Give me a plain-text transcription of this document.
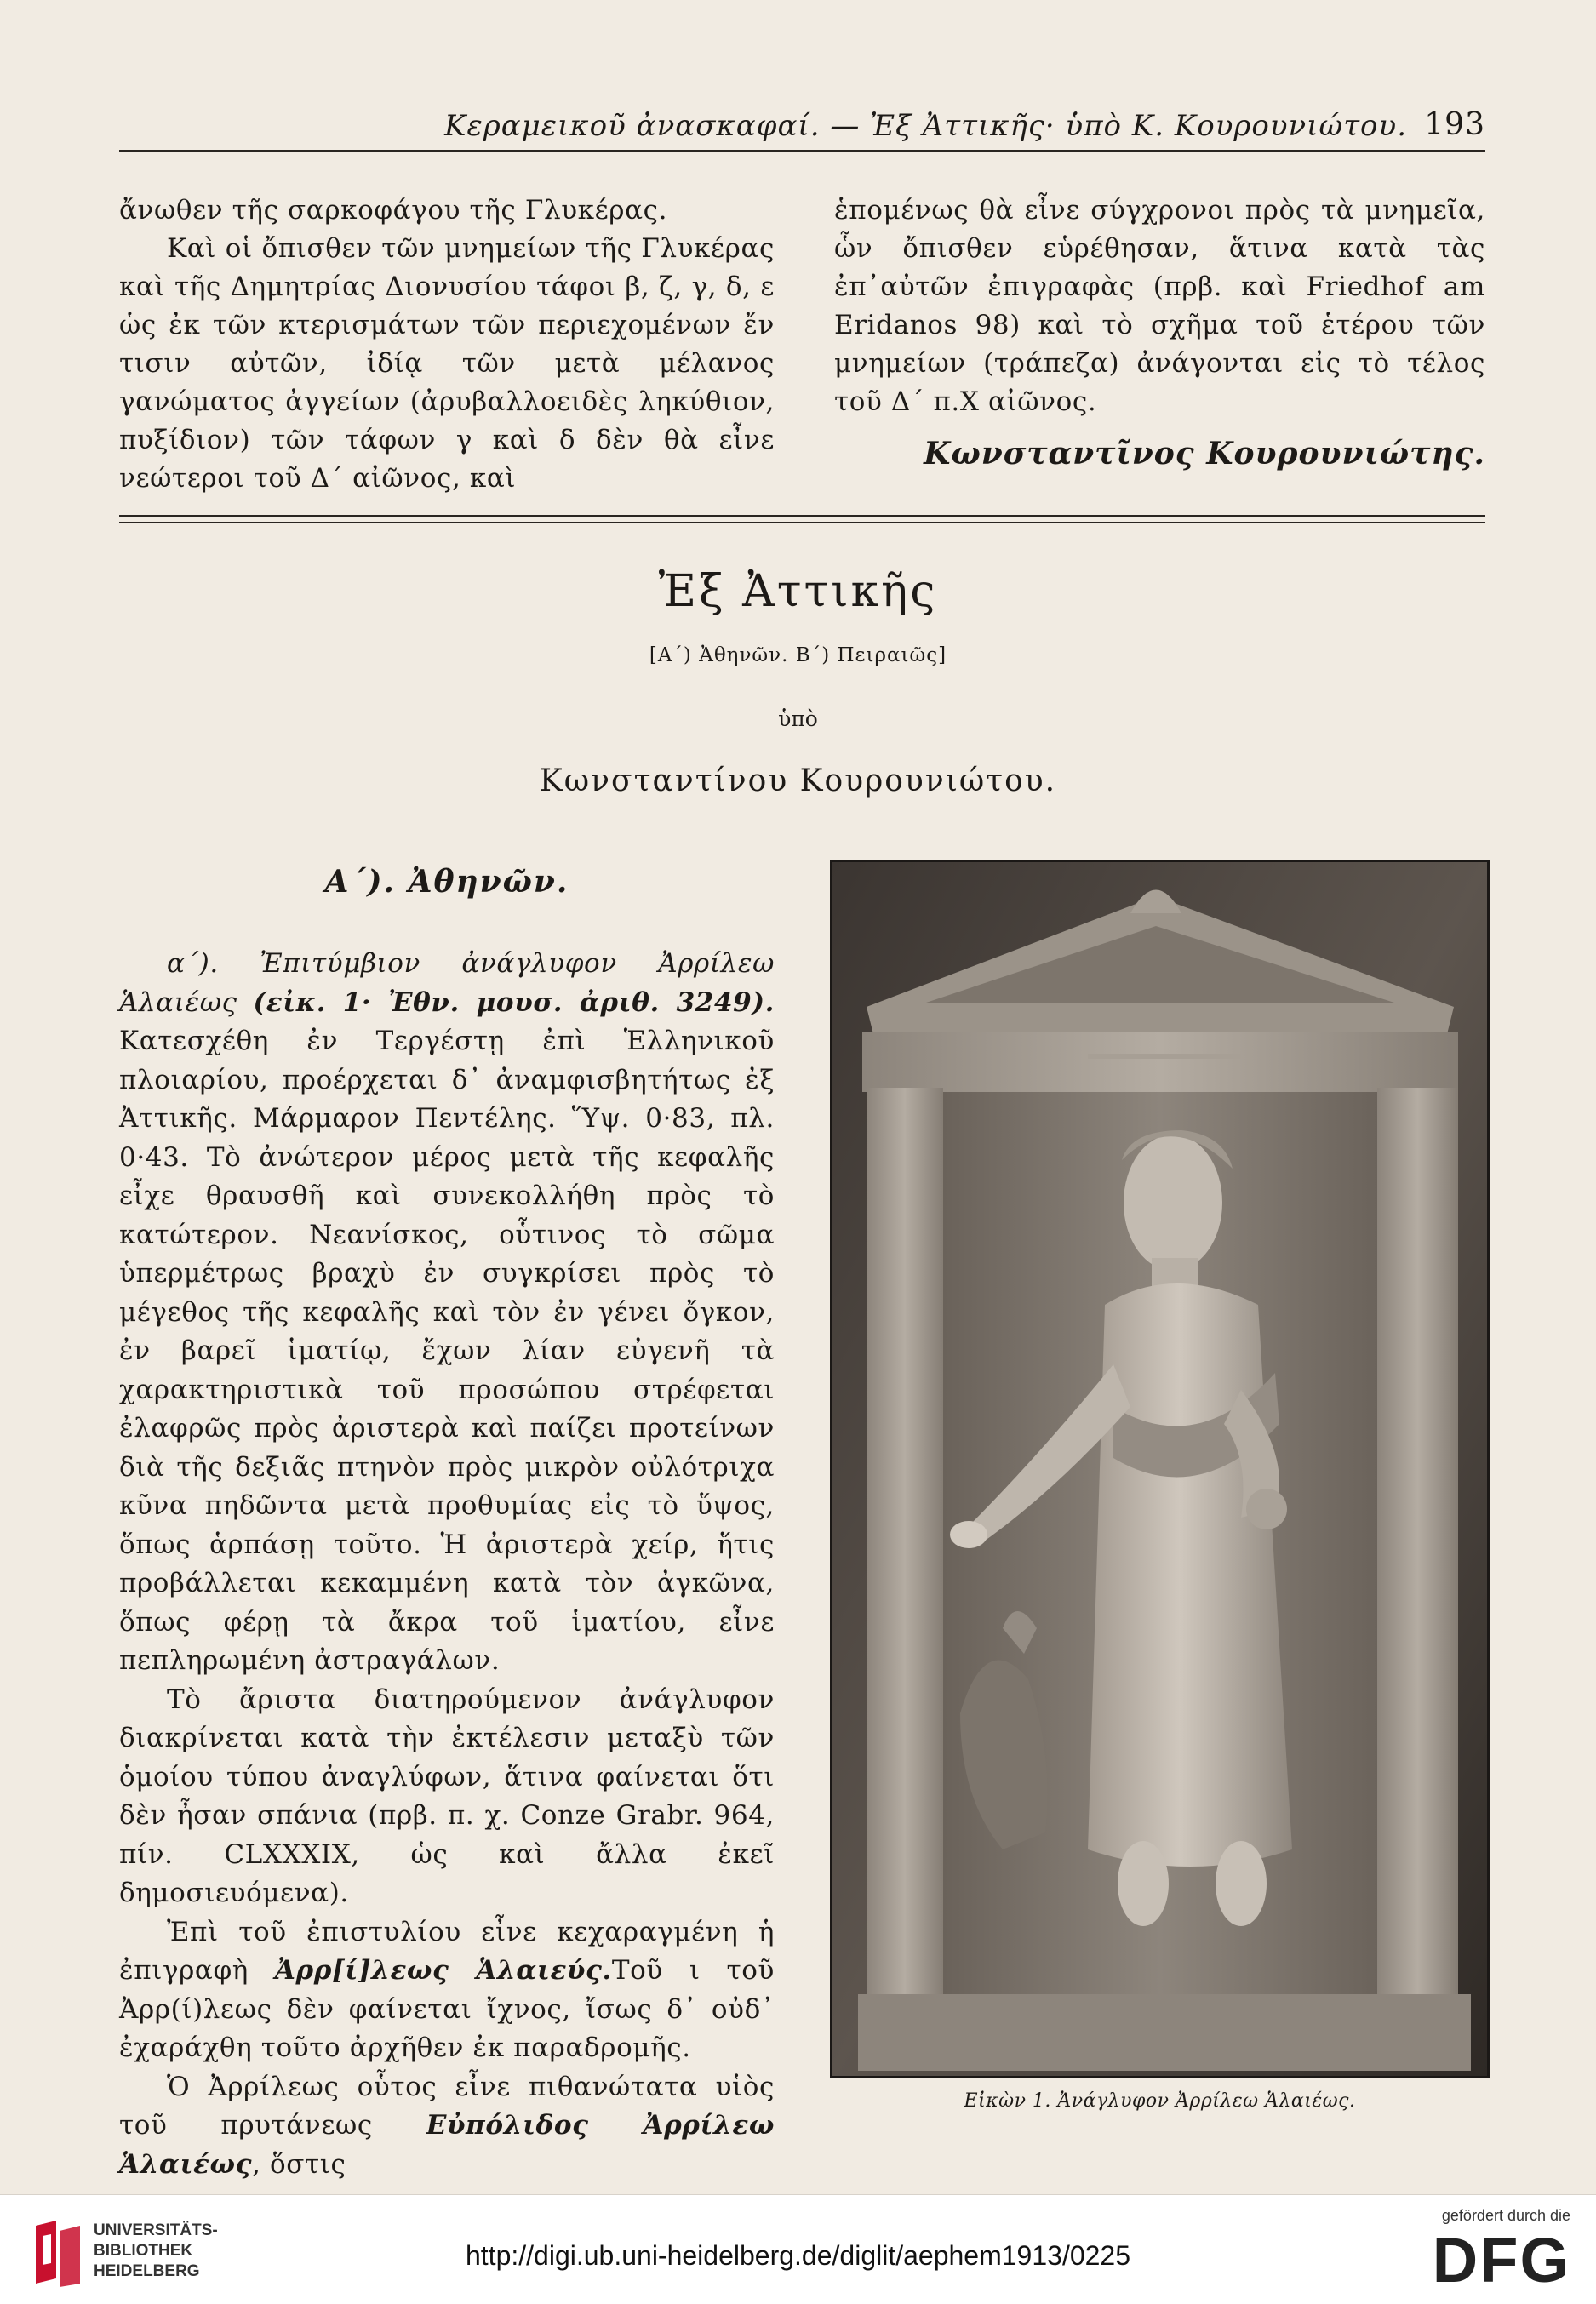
Κεραμεικοῦ ἀνασκαφαί. — Ἐξ Ἀττικῆς· ὑπὸ Κ. Κουρουνιώτου. 193

ἄνωθεν τῆς σαρκοφάγου τῆς Γλυκέρας.

Καὶ οἱ ὄπισθεν τῶν μνημείων τῆς Γλυκέρας καὶ τῆς Δημητρίας Διονυσίου τάφοι β, ζ, γ, δ, ε ὡς ἐκ τῶν κτερισμάτων τῶν περιεχομένων ἔν τισιν αὐτῶν, ἰδίᾳ τῶν μετὰ μέλανος γανώματος ἀγγείων (ἀρυβαλλοειδὲς ληκύθιον, πυξίδιον) τῶν τάφων γ καὶ δ δὲν θὰ εἶνε νεώτεροι τοῦ Δ΄ αἰῶνος, καὶ

ἑπομένως θὰ εἶνε σύγχρονοι πρὸς τὰ μνημεῖα, ὧν ὄπισθεν εὑρέθησαν, ἅτινα κατὰ τὰς ἐπ᾽αὐτῶν ἐπιγραφὰς (πρβ. καὶ Friedhof am Eridanos 98) καὶ τὸ σχῆμα τοῦ ἑτέρου τῶν μνημείων (τράπεζα) ἀνάγονται εἰς τὸ τέλος τοῦ Δ΄ π.Χ αἰῶνος.

Κωνσταντῖνος Κουρουνιώτης.
Ἐξ Ἀττικῆς
[Α΄) Ἀθηνῶν. Β΄) Πειραιῶς]
ὑπὸ
Κωνσταντίνου Κουρουνιώτου.
Α΄). Ἀθηνῶν.

α΄). Ἐπιτύμβιον ἀνάγλυφον Ἀρρίλεω Ἁλαιέως (εἰκ. 1· Ἐθν. μουσ. ἀριθ. 3249). Κατεσχέθη ἐν Τεργέστῃ ἐπὶ Ἑλληνικοῦ πλοιαρίου, προέρχεται δ᾽ ἀναμφισβητήτως ἐξ Ἀττικῆς. Μάρμαρον Πεντέλης. Ὕψ. 0·83, πλ. 0·43. Τὸ ἀνώτερον μέρος μετὰ τῆς κεφαλῆς εἶχε θραυσθῆ καὶ συνεκολλήθη πρὸς τὸ κατώτερον. Νεανίσκος, οὗτινος τὸ σῶμα ὑπερμέτρως βραχὺ ἐν συγκρίσει πρὸς τὸ μέγεθος τῆς κεφαλῆς καὶ τὸν ἐν γένει ὄγκον, ἐν βαρεῖ ἱματίῳ, ἔχων λίαν εὐγενῆ τὰ χαρακτηριστικὰ τοῦ προσώπου στρέφεται ἐλαφρῶς πρὸς ἀριστερὰ καὶ παίζει προτείνων διὰ τῆς δεξιᾶς πτηνὸν πρὸς μικρὸν οὐλότριχα κῦνα πηδῶντα μετὰ προθυμίας εἰς τὸ ὕψος, ὅπως ἁρπάσῃ τοῦτο. Ἡ ἀριστερὰ χείρ, ἥτις προβάλλεται κεκαμμένη κατὰ τὸν ἀγκῶνα, ὅπως φέρῃ τὰ ἄκρα τοῦ ἱματίου, εἶνε πεπληρωμένη ἀστραγάλων.

Τὸ ἄριστα διατηρούμενον ἀνάγλυφον διακρίνεται κατὰ τὴν ἐκτέλεσιν μεταξὺ τῶν ὁμοίου τύπου ἀναγλύφων, ἅτινα φαίνεται ὅτι δὲν ἦσαν σπάνια (πρβ. π. χ. Conze Grabr. 964, πίν. CLXXXIX, ὡς καὶ ἄλλα ἐκεῖ δημοσιευόμενα).

Ἐπὶ τοῦ ἐπιστυλίου εἶνε κεχαραγμένη ἡ ἐπιγραφὴ Ἀρρ[ί]λεως Ἁλαιεύς.Τοῦ ι τοῦ Ἀρρ(ί)λεως δὲν φαίνεται ἴχνος, ἴσως δ᾽ οὐδ᾽ ἐχαράχθη τοῦτο ἀρχῆθεν ἐκ παραδρομῆς.

Ὁ Ἀρρίλεως οὗτος εἶνε πιθανώτατα υἱὸς τοῦ πρυτάνεως Εὐπόλιδος Ἀρρίλεω Ἁλαιέως, ὅστις

Εἰκὼν 1. Ἀνάγλυφον Ἀρρίλεω Ἁλαιέως.
UNIVERSITÄTS-
BIBLIOTHEK
HEIDELBERG
http://digi.ub.uni-heidelberg.de/diglit/aephem1913/0225
gefördert durch die
DFG
